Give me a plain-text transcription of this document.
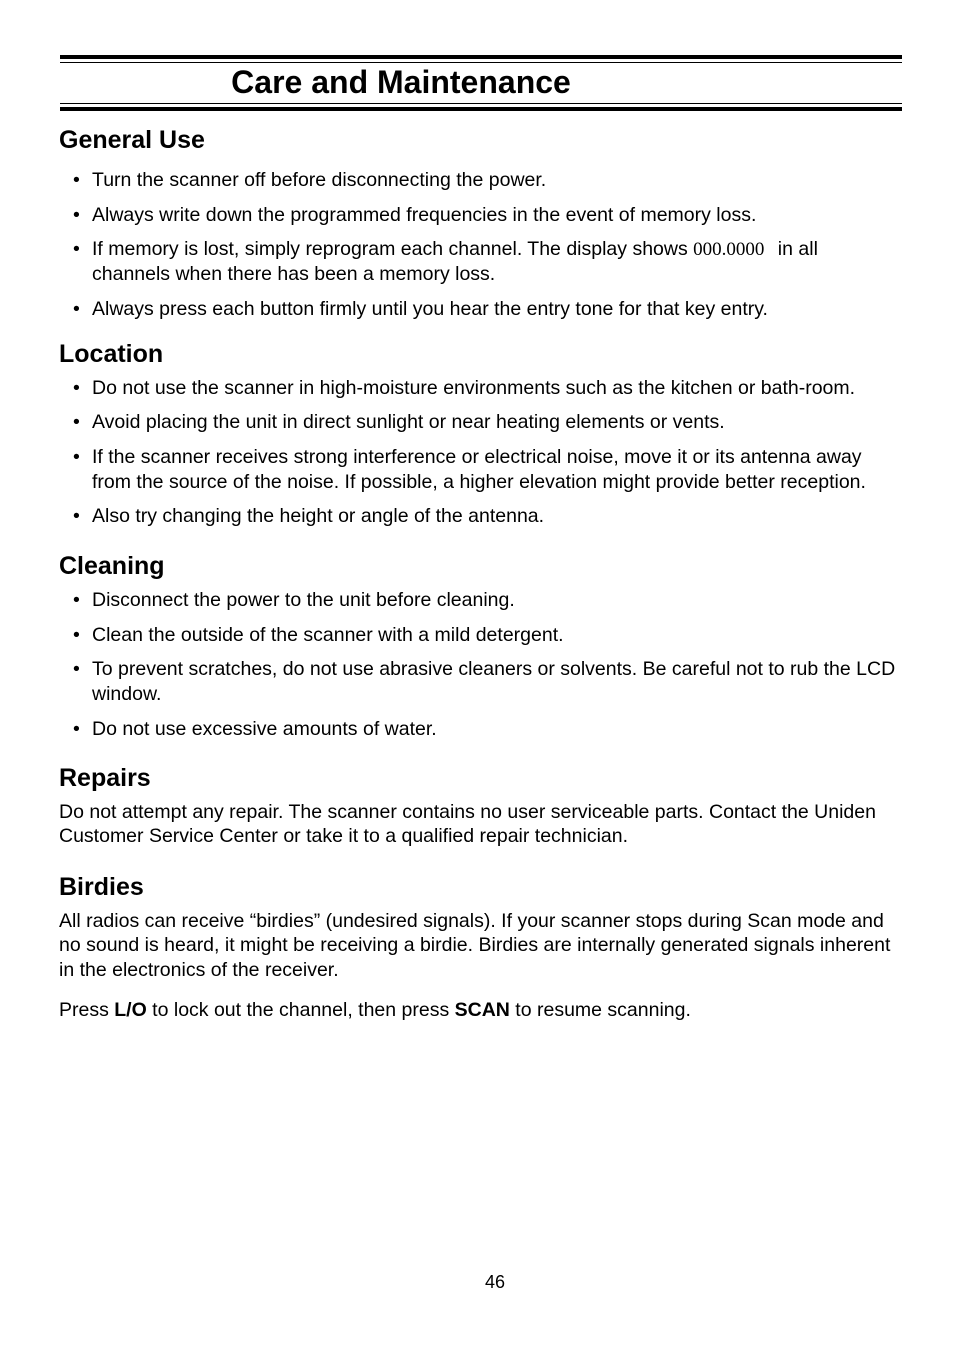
Care and Maintenance
General Use
• Turn the scanner off before disconnecting the power.
• Always write down the programmed frequencies in the event of memory loss.
• If memory is lost, simply reprogram each channel. The display shows 000.0000 in all channels when there has been a memory loss.
• Always press each button firmly until you hear the entry tone for that key entry.
Location
• Do not use the scanner in high-moisture environments such as the kitchen or bath-room.
• Avoid placing the unit in direct sunlight or near heating elements or vents.
• If the scanner receives strong interference or electrical noise, move it or its antenna away from the source of the noise. If possible, a higher elevation might provide better reception.
• Also try changing the height or angle of the antenna.
Cleaning
• Disconnect the power to the unit before cleaning.
• Clean the outside of the scanner with a mild detergent.
• To prevent scratches, do not use abrasive cleaners or solvents. Be careful not to rub the LCD window.
• Do not use excessive amounts of water.
Repairs

Do not attempt any repair. The scanner contains no user serviceable parts. Contact the Uniden Customer Service Center or take it to a qualified repair technician.

Birdies

All radios can receive “birdies” (undesired signals). If your scanner stops during Scan mode and no sound is heard, it might be receiving a birdie. Birdies are internally generated signals inherent in the electronics of the receiver.

Press L/O to lock out the channel, then press SCAN to resume scanning.

46
